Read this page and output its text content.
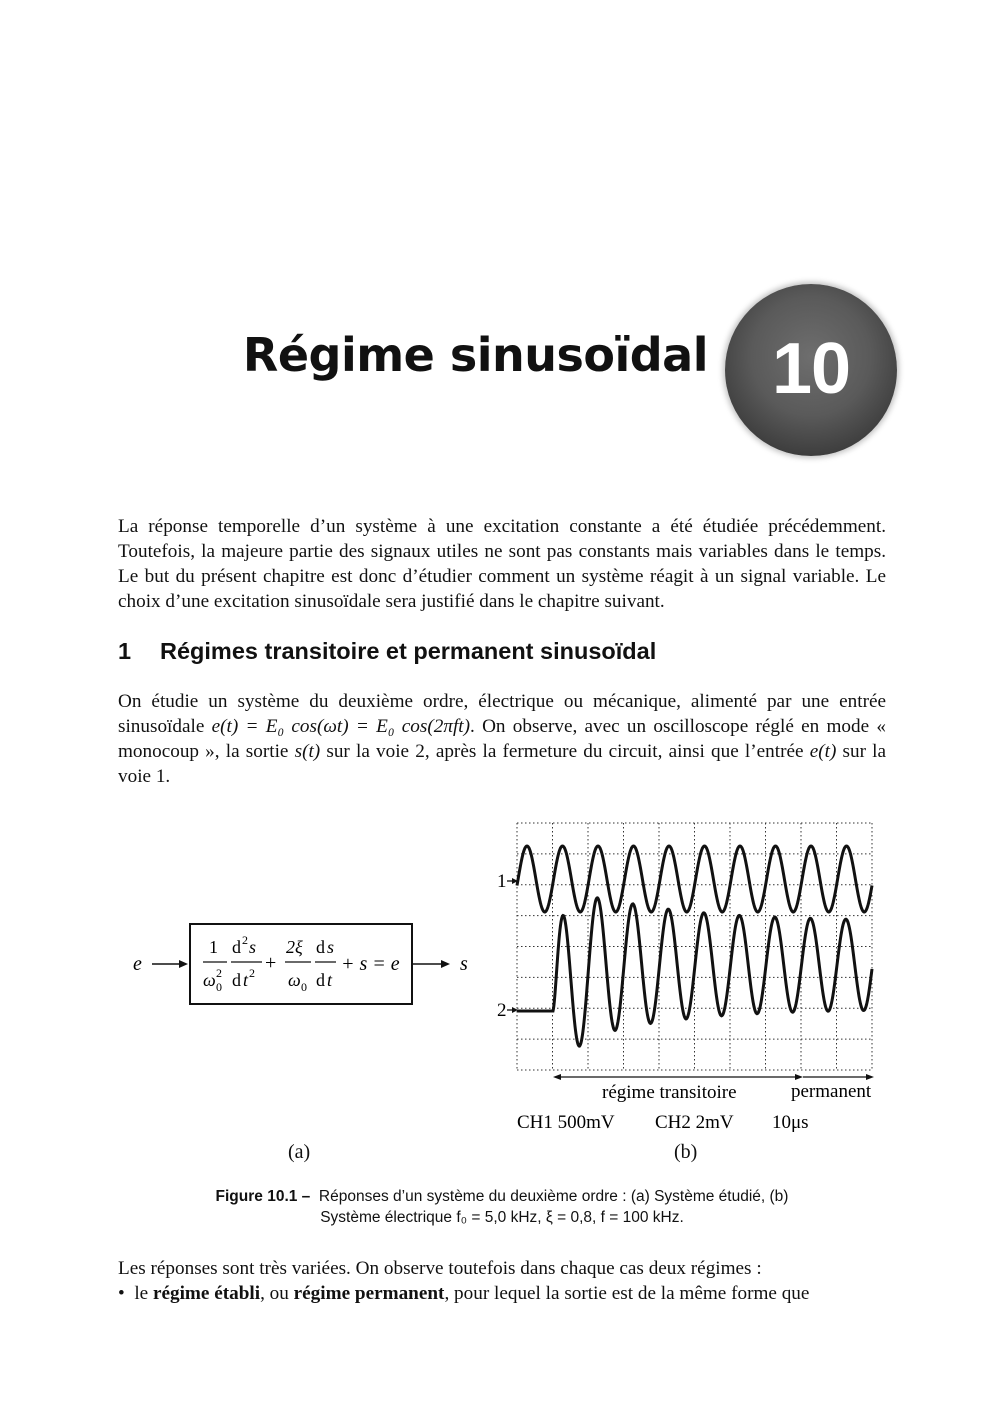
Régime sinusoïdal 10
La réponse temporelle d’un système à une excitation constante a été étudiée précédemment. Toutefois, la majeure partie des signaux utiles ne sont pas constants mais variables dans le temps. Le but du présent chapitre est donc d’étudier comment un système réagit à un signal variable. Le choix d’une excitation sinusoïdale sera justifié dans le chapitre suivant.
1 Régimes transitoire et permanent sinusoïdal
On étudie un système du deuxième ordre, électrique ou mécanique, alimenté par une entrée sinusoïdale e(t) = E₀ cos(ωt) = E₀ cos(2πft). On observe, avec un oscilloscope réglé en mode « monocoup », la sortie s(t) sur la voie 2, après la fermeture du circuit, ainsi que l’entrée e(t) sur la voie 1.
e
1
ω 0
2
d 2 s
d t 2 +
2ξ
ω 0
d s
d t
+ s = e	s
1
2
régime transitoire	permanent
CH1 500mV CH2 2mV 10μs
(a)	(b)
Figure 10.1 – Réponses d’un système du deuxième ordre : (a) Système étudié, (b)
Système électrique f₀ = 5,0 kHz, ξ = 0,8, f = 100 kHz.
Les réponses sont très variées. On observe toutefois dans chaque cas deux régimes :
• le régime établi, ou régime permanent, pour lequel la sortie est de la même forme que
